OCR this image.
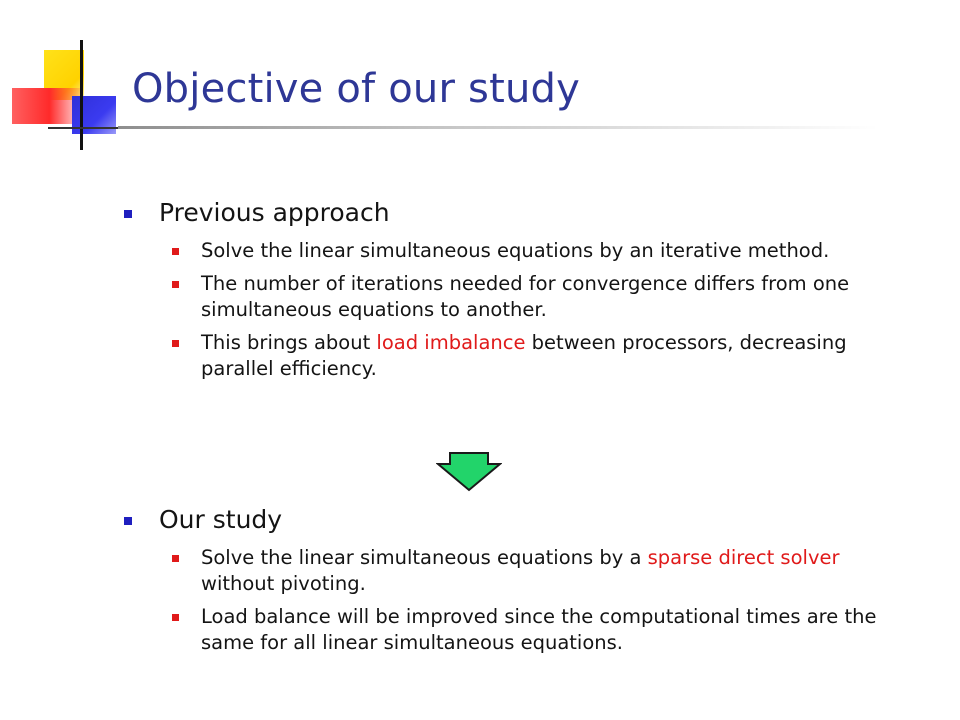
Objective of our study
Previous approach
Solve the linear simultaneous equations by an iterative method.
The number of iterations needed for convergence differs from one simultaneous equations to another.
This brings about load imbalance between processors, decreasing parallel efficiency.
Our study
Solve the linear simultaneous equations by a sparse direct solver without pivoting.
Load balance will be improved since the computational times are the same for all linear simultaneous equations.
